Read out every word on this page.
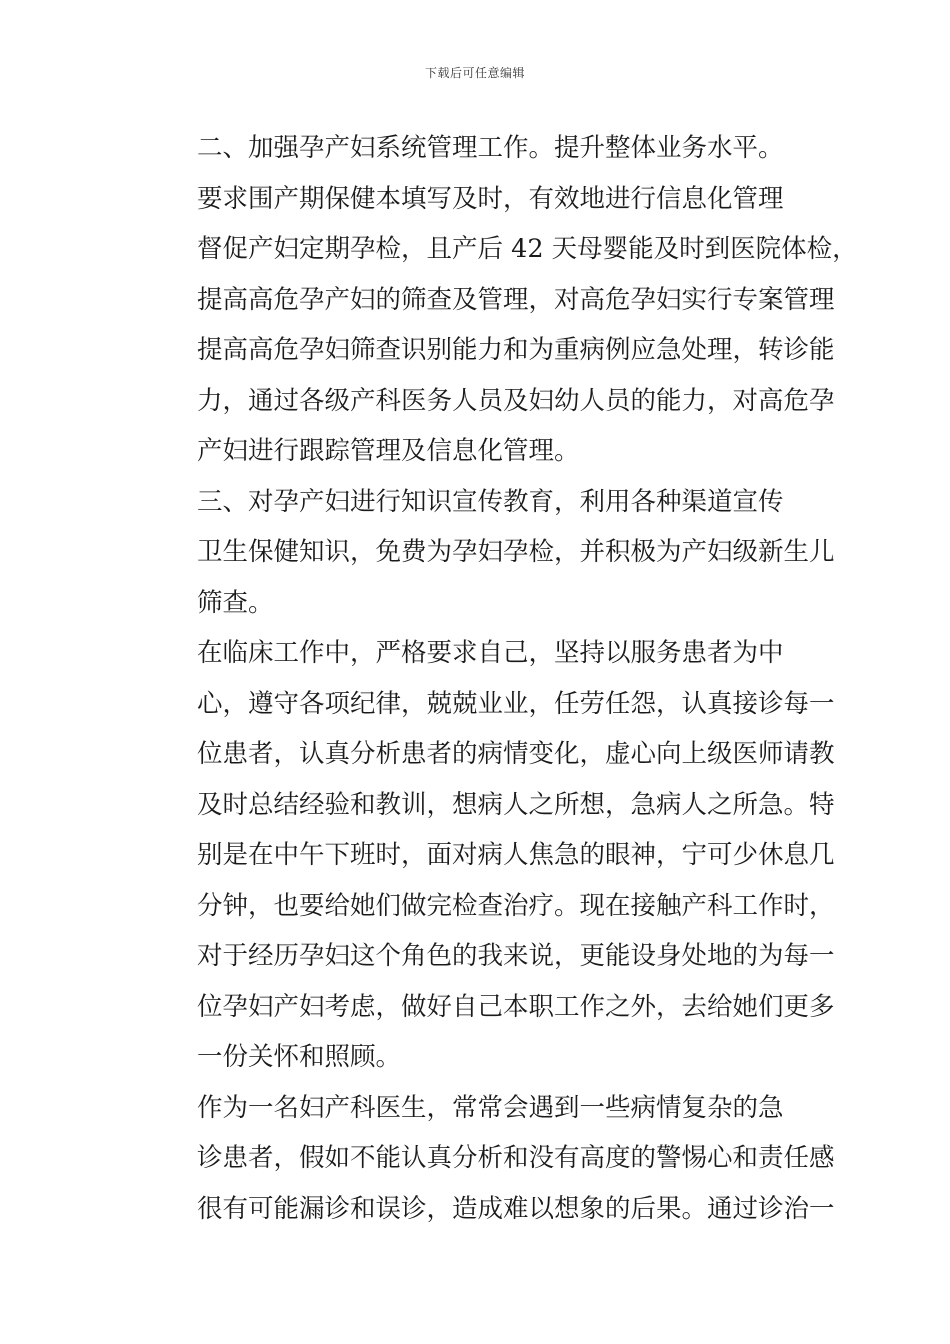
下载后可任意编辑

二、加强孕产妇系统管理工作。提升整体业务水平。

要求围产期保健本填写及时，有效地进行信息化管理
督促产妇定期孕检，且产后 42 天母婴能及时到医院体检，
提高高危孕产妇的筛查及管理，对高危孕妇实行专案管理
提高高危孕妇筛查识别能力和为重病例应急处理，转诊能
力，通过各级产科医务人员及妇幼人员的能力，对高危孕
产妇进行跟踪管理及信息化管理。

三、对孕产妇进行知识宣传教育，利用各种渠道宣传
卫生保健知识，免费为孕妇孕检，并积极为产妇级新生儿
筛查。

在临床工作中，严格要求自己，坚持以服务患者为中
心，遵守各项纪律，兢兢业业，任劳任怨，认真接诊每一
位患者，认真分析患者的病情变化，虚心向上级医师请教
及时总结经验和教训，想病人之所想，急病人之所急。特
别是在中午下班时，面对病人焦急的眼神，宁可少休息几
分钟，也要给她们做完检查治疗。现在接触产科工作时，
对于经历孕妇这个角色的我来说，更能设身处地的为每一
位孕妇产妇考虑，做好自己本职工作之外，去给她们更多
一份关怀和照顾。

作为一名妇产科医生，常常会遇到一些病情复杂的急
诊患者，假如不能认真分析和没有高度的警惕心和责任感
很有可能漏诊和误诊，造成难以想象的后果。通过诊治一
